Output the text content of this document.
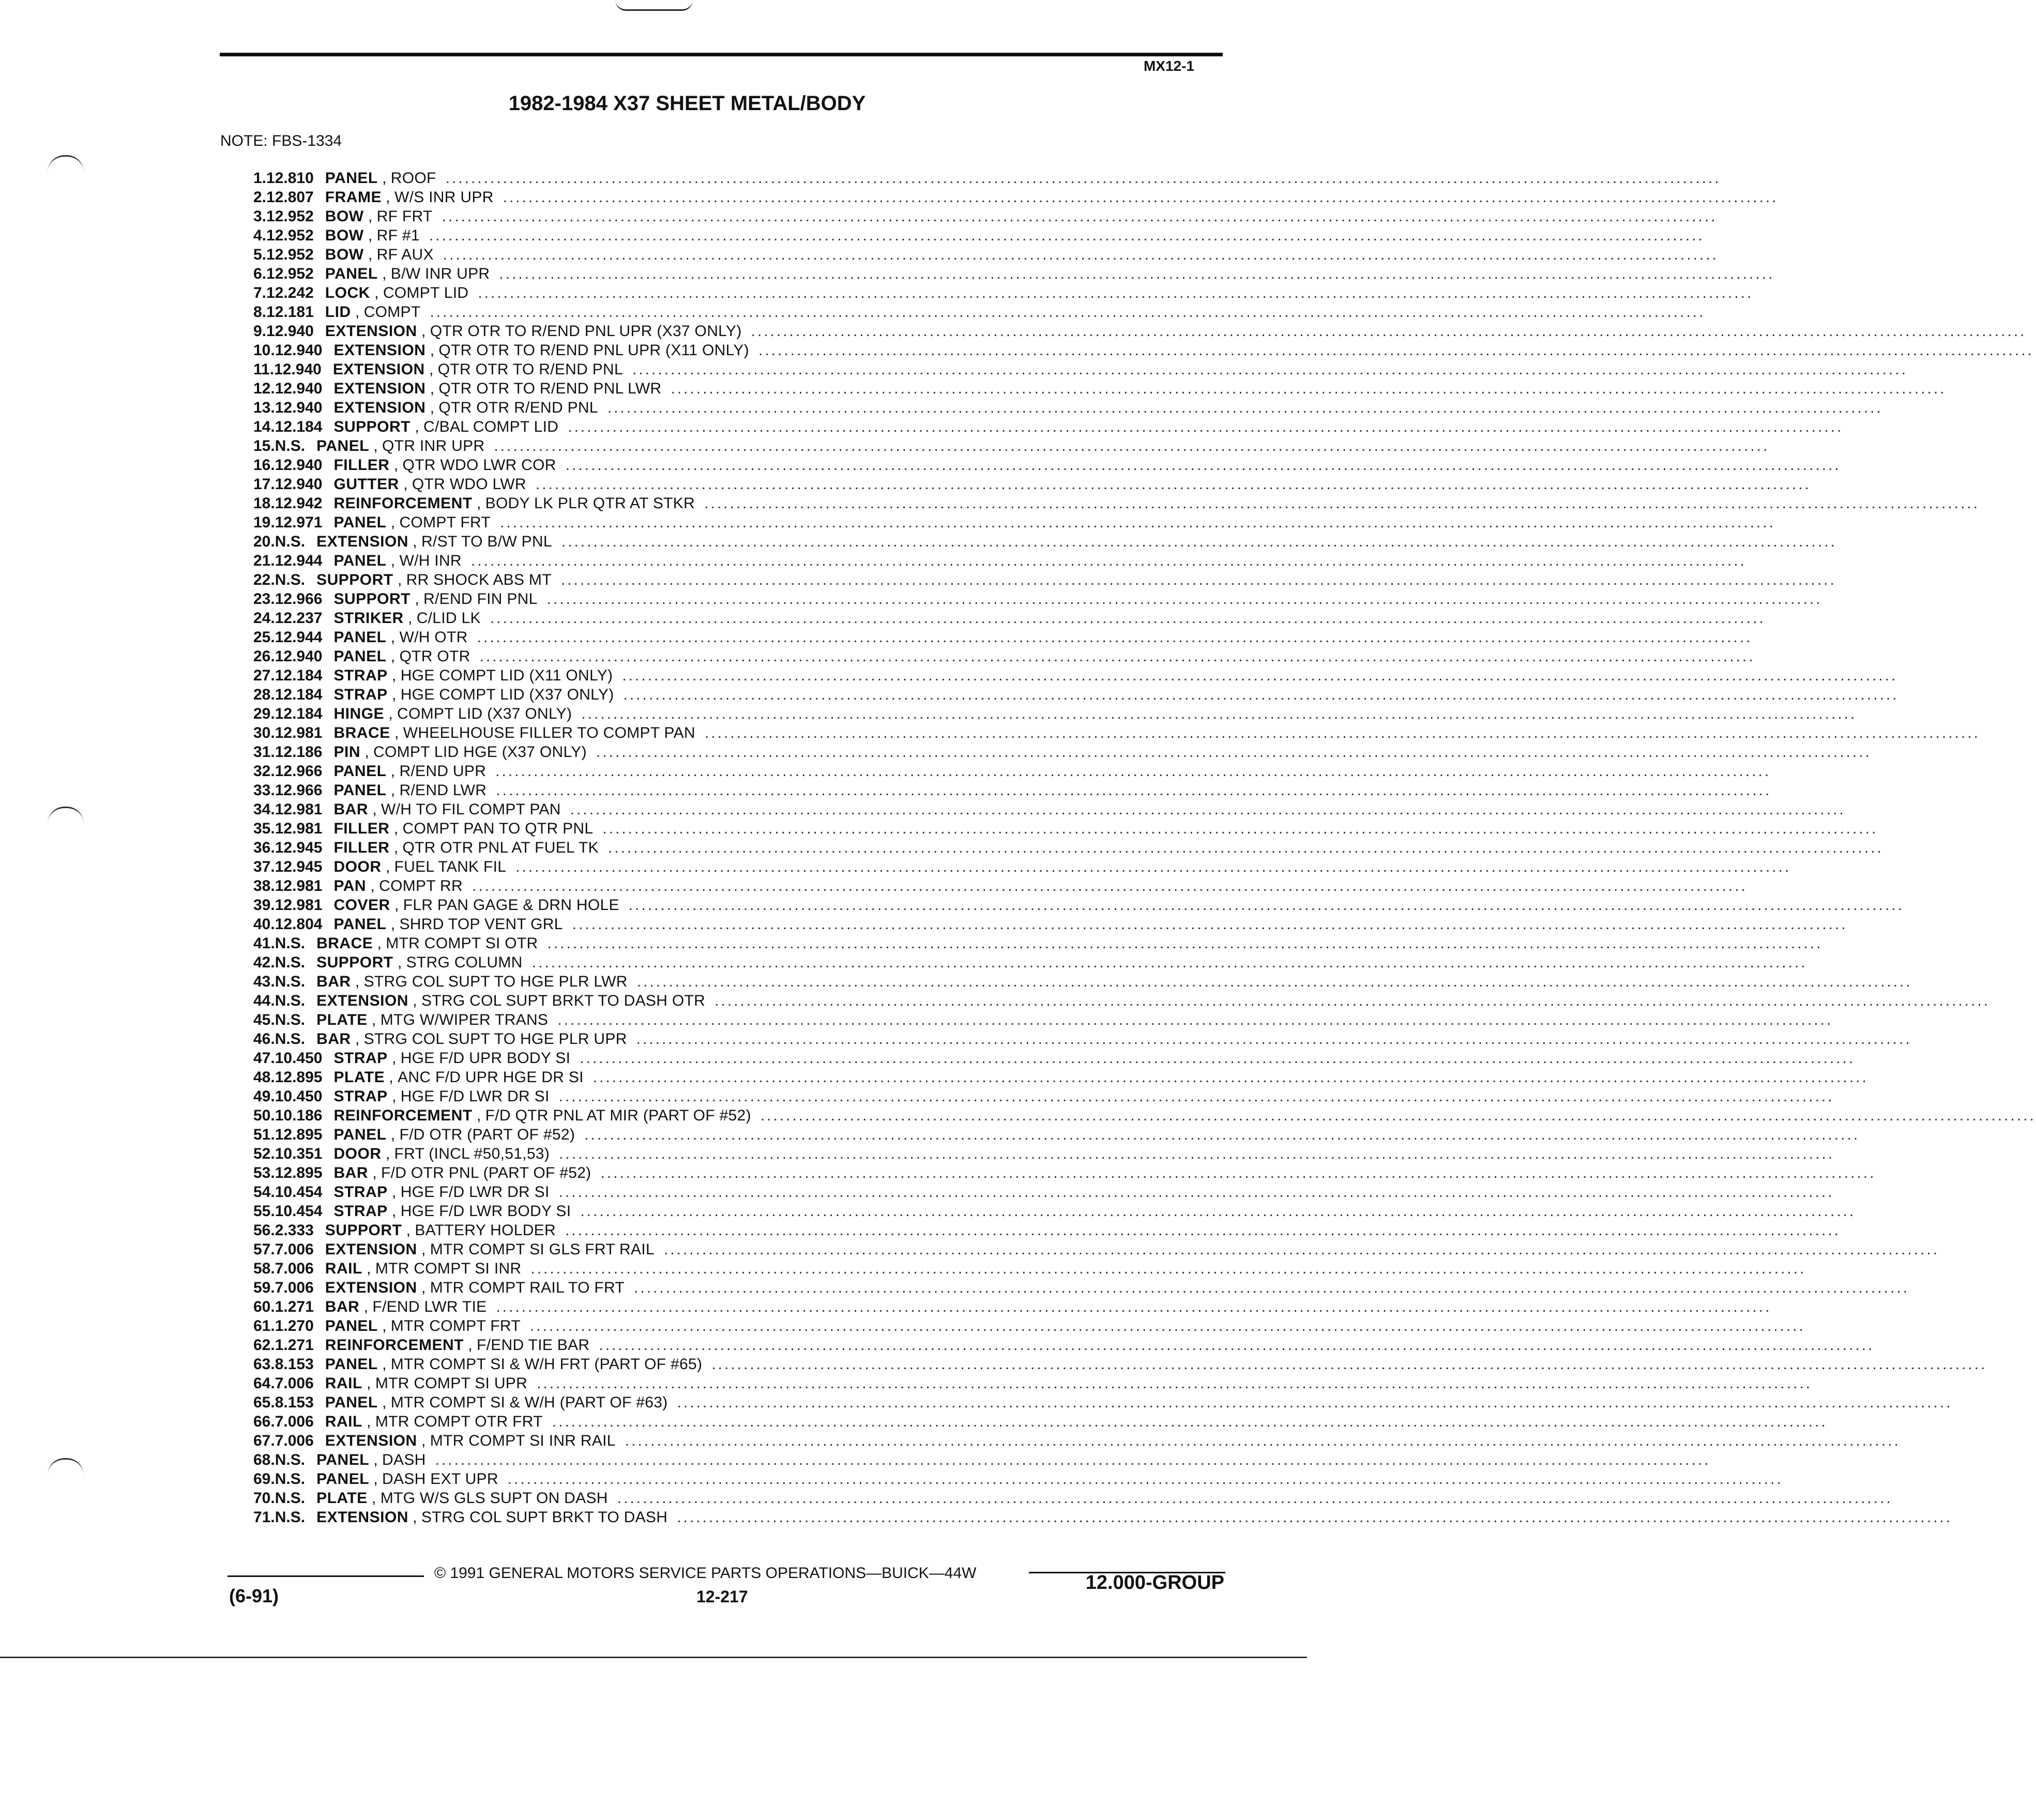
MX12-1
1982-1984 X37 SHEET METAL/BODY
NOTE: FBS-1334
1. 12.810 PANEL , ROOF ........................................................................................................................................................................................................
2. 12.807 FRAME , W/S INR UPR ........................................................................................................................................................................................................
3. 12.952 BOW , RF FRT ........................................................................................................................................................................................................
4. 12.952 BOW , RF #1 ........................................................................................................................................................................................................
5. 12.952 BOW , RF AUX ........................................................................................................................................................................................................
6. 12.952 PANEL , B/W INR UPR ........................................................................................................................................................................................................
7. 12.242 LOCK , COMPT LID ........................................................................................................................................................................................................
8. 12.181 LID , COMPT ........................................................................................................................................................................................................
9. 12.940 EXTENSION , QTR OTR TO R/END PNL UPR (X37 ONLY) ........................................................................................................................................................................................................
10. 12.940 EXTENSION , QTR OTR TO R/END PNL UPR (X11 ONLY) ........................................................................................................................................................................................................
11. 12.940 EXTENSION , QTR OTR TO R/END PNL ........................................................................................................................................................................................................
12. 12.940 EXTENSION , QTR OTR TO R/END PNL LWR ........................................................................................................................................................................................................
13. 12.940 EXTENSION , QTR OTR R/END PNL ........................................................................................................................................................................................................
14. 12.184 SUPPORT , C/BAL COMPT LID ........................................................................................................................................................................................................
15. N.S. PANEL , QTR INR UPR ........................................................................................................................................................................................................
16. 12.940 FILLER , QTR WDO LWR COR ........................................................................................................................................................................................................
17. 12.940 GUTTER , QTR WDO LWR ........................................................................................................................................................................................................
18. 12.942 REINFORCEMENT , BODY LK PLR QTR AT STKR ........................................................................................................................................................................................................
19. 12.971 PANEL , COMPT FRT ........................................................................................................................................................................................................
20. N.S. EXTENSION , R/ST TO B/W PNL ........................................................................................................................................................................................................
21. 12.944 PANEL , W/H INR ........................................................................................................................................................................................................
22. N.S. SUPPORT , RR SHOCK ABS MT ........................................................................................................................................................................................................
23. 12.966 SUPPORT , R/END FIN PNL ........................................................................................................................................................................................................
24. 12.237 STRIKER , C/LID LK ........................................................................................................................................................................................................
25. 12.944 PANEL , W/H OTR ........................................................................................................................................................................................................
26. 12.940 PANEL , QTR OTR ........................................................................................................................................................................................................
27. 12.184 STRAP , HGE COMPT LID (X11 ONLY) ........................................................................................................................................................................................................
28. 12.184 STRAP , HGE COMPT LID (X37 ONLY) ........................................................................................................................................................................................................
29. 12.184 HINGE , COMPT LID (X37 ONLY) ........................................................................................................................................................................................................
30. 12.981 BRACE , WHEELHOUSE FILLER TO COMPT PAN ........................................................................................................................................................................................................
31. 12.186 PIN , COMPT LID HGE (X37 ONLY) ........................................................................................................................................................................................................
32. 12.966 PANEL , R/END UPR ........................................................................................................................................................................................................
33. 12.966 PANEL , R/END LWR ........................................................................................................................................................................................................
34. 12.981 BAR , W/H TO FIL COMPT PAN ........................................................................................................................................................................................................
35. 12.981 FILLER , COMPT PAN TO QTR PNL ........................................................................................................................................................................................................
36. 12.945 FILLER , QTR OTR PNL AT FUEL TK ........................................................................................................................................................................................................
37. 12.945 DOOR , FUEL TANK FIL ........................................................................................................................................................................................................
38. 12.981 PAN , COMPT RR ........................................................................................................................................................................................................
39. 12.981 COVER , FLR PAN GAGE & DRN HOLE ........................................................................................................................................................................................................
40. 12.804 PANEL , SHRD TOP VENT GRL ........................................................................................................................................................................................................
41. N.S. BRACE , MTR COMPT SI OTR ........................................................................................................................................................................................................
42. N.S. SUPPORT , STRG COLUMN ........................................................................................................................................................................................................
43. N.S. BAR , STRG COL SUPT TO HGE PLR LWR ........................................................................................................................................................................................................
44. N.S. EXTENSION , STRG COL SUPT BRKT TO DASH OTR ........................................................................................................................................................................................................
45. N.S. PLATE , MTG W/WIPER TRANS ........................................................................................................................................................................................................
46. N.S. BAR , STRG COL SUPT TO HGE PLR UPR ........................................................................................................................................................................................................
47. 10.450 STRAP , HGE F/D UPR BODY SI ........................................................................................................................................................................................................
48. 12.895 PLATE , ANC F/D UPR HGE DR SI ........................................................................................................................................................................................................
49. 10.450 STRAP , HGE F/D LWR DR SI ........................................................................................................................................................................................................
50. 10.186 REINFORCEMENT , F/D QTR PNL AT MIR (PART OF #52) ........................................................................................................................................................................................................
51. 12.895 PANEL , F/D OTR (PART OF #52) ........................................................................................................................................................................................................
52. 10.351 DOOR , FRT (INCL #50,51,53) ........................................................................................................................................................................................................
53. 12.895 BAR , F/D OTR PNL (PART OF #52) ........................................................................................................................................................................................................
54. 10.454 STRAP , HGE F/D LWR DR SI ........................................................................................................................................................................................................
55. 10.454 STRAP , HGE F/D LWR BODY SI ........................................................................................................................................................................................................
56. 2.333 SUPPORT , BATTERY HOLDER ........................................................................................................................................................................................................
57. 7.006 EXTENSION , MTR COMPT SI GLS FRT RAIL ........................................................................................................................................................................................................
58. 7.006 RAIL , MTR COMPT SI INR ........................................................................................................................................................................................................
59. 7.006 EXTENSION , MTR COMPT RAIL TO FRT ........................................................................................................................................................................................................
60. 1.271 BAR , F/END LWR TIE ........................................................................................................................................................................................................
61. 1.270 PANEL , MTR COMPT FRT ........................................................................................................................................................................................................
62. 1.271 REINFORCEMENT , F/END TIE BAR ........................................................................................................................................................................................................
63. 8.153 PANEL , MTR COMPT SI & W/H FRT (PART OF #65) ........................................................................................................................................................................................................
64. 7.006 RAIL , MTR COMPT SI UPR ........................................................................................................................................................................................................
65. 8.153 PANEL , MTR COMPT SI & W/H (PART OF #63) ........................................................................................................................................................................................................
66. 7.006 RAIL , MTR COMPT OTR FRT ........................................................................................................................................................................................................
67. 7.006 EXTENSION , MTR COMPT SI INR RAIL ........................................................................................................................................................................................................
68. N.S. PANEL , DASH ........................................................................................................................................................................................................
69. N.S. PANEL , DASH EXT UPR ........................................................................................................................................................................................................
70. N.S. PLATE , MTG W/S GLS SUPT ON DASH ........................................................................................................................................................................................................
71. N.S. EXTENSION , STRG COL SUPT BRKT TO DASH ........................................................................................................................................................................................................
© 1991 GENERAL MOTORS SERVICE PARTS OPERATIONS—BUICK—44W
(6-91)	12-217
12.000-GROUP
